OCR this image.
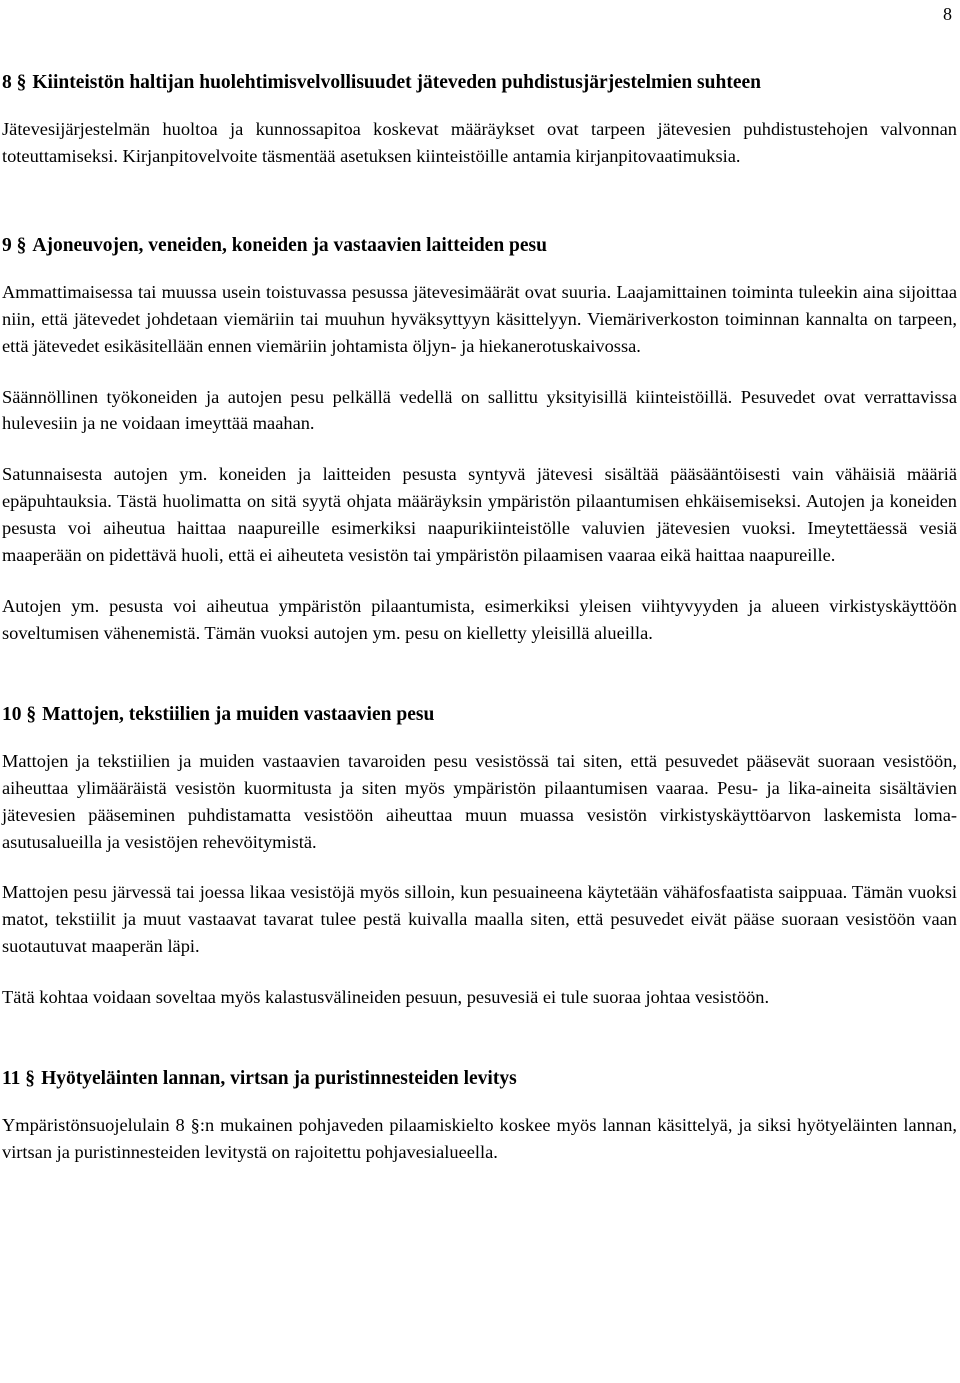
8
8 § Kiinteistön haltijan huolehtimisvelvollisuudet jäteveden puhdistusjärjestelmien suhteen

Jätevesijärjestelmän huoltoa ja kunnossapitoa koskevat määräykset ovat tarpeen jätevesien puhdistustehojen valvonnan toteuttamiseksi. Kirjanpitovelvoite täsmentää asetuksen kiinteistöille antamia kirjanpitovaatimuksia.

9 § Ajoneuvojen, veneiden, koneiden ja vastaavien laitteiden pesu

Ammattimaisessa tai muussa usein toistuvassa pesussa jätevesimäärät ovat suuria. Laajamittainen toiminta tuleekin aina sijoittaa niin, että jätevedet johdetaan viemäriin tai muuhun hyväksyttyyn käsittelyyn. Viemäriverkoston toiminnan kannalta on tarpeen, että jätevedet esikäsitellään ennen viemäriin johtamista öljyn- ja hiekanerotuskaivossa.

Säännöllinen työkoneiden ja autojen pesu pelkällä vedellä on sallittu yksityisillä kiinteistöillä. Pesuvedet ovat verrattavissa hulevesiin ja ne voidaan imeyttää maahan.

Satunnaisesta autojen ym. koneiden ja laitteiden pesusta syntyvä jätevesi sisältää pääsääntöisesti vain vähäisiä määriä epäpuhtauksia. Tästä huolimatta on sitä syytä ohjata määräyksin ympäristön pilaantumisen ehkäisemiseksi. Autojen ja koneiden pesusta voi aiheutua haittaa naapureille esimerkiksi naapurikiinteistölle valuvien jätevesien vuoksi. Imeytettäessä vesiä maaperään on pidettävä huoli, että ei aiheuteta vesistön tai ympäristön pilaamisen vaaraa eikä haittaa naapureille.

Autojen ym. pesusta voi aiheutua ympäristön pilaantumista, esimerkiksi yleisen viihtyvyyden ja alueen virkistyskäyttöön soveltumisen vähenemistä. Tämän vuoksi autojen ym. pesu on kielletty yleisillä alueilla.

10 § Mattojen, tekstiilien ja muiden vastaavien pesu

Mattojen ja tekstiilien ja muiden vastaavien tavaroiden pesu vesistössä tai siten, että pesuvedet pääsevät suoraan vesistöön, aiheuttaa ylimääräistä vesistön kuormitusta ja siten myös ympäristön pilaantumisen vaaraa. Pesu- ja lika-aineita sisältävien jätevesien pääseminen puhdistamatta vesistöön aiheuttaa muun muassa vesistön virkistyskäyttöarvon laskemista loma-asutusalueilla ja vesistöjen rehevöitymistä.

Mattojen pesu järvessä tai joessa likaa vesistöjä myös silloin, kun pesuaineena käytetään vähäfosfaatista saippuaa. Tämän vuoksi matot, tekstiilit ja muut vastaavat tavarat tulee pestä kuivalla maalla siten, että pesuvedet eivät pääse suoraan vesistöön vaan suotautuvat maaperän läpi.

Tätä kohtaa voidaan soveltaa myös kalastusvälineiden pesuun, pesuvesiä ei tule suoraa johtaa vesistöön.

11 § Hyötyeläinten lannan, virtsan ja puristinnesteiden levitys

Ympäristönsuojelulain 8 §:n mukainen pohjaveden pilaamiskielto koskee myös lannan käsittelyä, ja siksi hyötyeläinten lannan, virtsan ja puristinnesteiden levitystä on rajoitettu pohjavesialueella.
